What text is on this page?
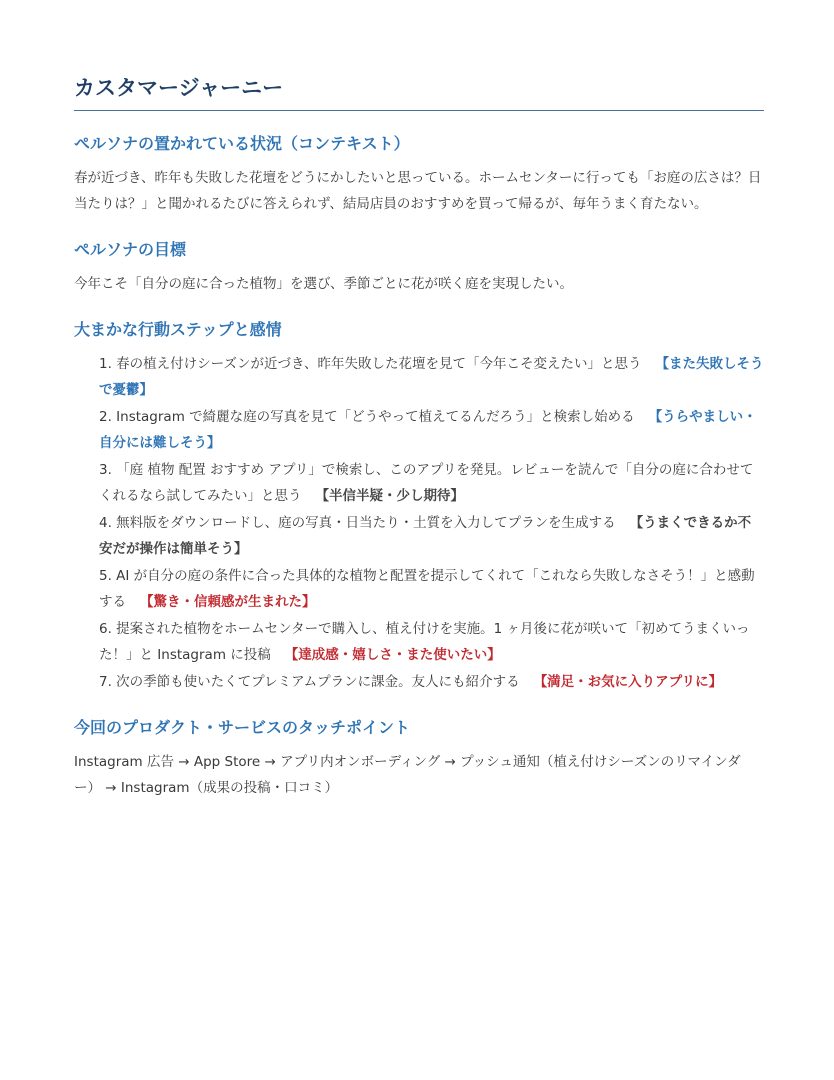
カスタマージャーニー
ペルソナの置かれている状況（コンテキスト）

春が近づき、昨年も失敗した花壇をどうにかしたいと思っている。ホームセンターに行っても「お庭の広さは？日当たりは？」と聞かれるたびに答えられず、結局店員のおすすめを買って帰るが、毎年うまく育たない。

ペルソナの目標

今年こそ「自分の庭に合った植物」を選び、季節ごとに花が咲く庭を実現したい。

大まかな行動ステップと感情
1. 春の植え付けシーズンが近づき、昨年失敗した花壇を見て「今年こそ変えたい」と思う 【また失敗しそうで憂鬱】
2. Instagram で綺麗な庭の写真を見て「どうやって植えてるんだろう」と検索し始める 【うらやましい・自分には難しそう】
3. 「庭 植物 配置 おすすめ アプリ」で検索し、このアプリを発見。レビューを読んで「自分の庭に合わせてくれるなら試してみたい」と思う 【半信半疑・少し期待】
4. 無料版をダウンロードし、庭の写真・日当たり・土質を入力してプランを生成する 【うまくできるか不安だが操作は簡単そう】
5. AI が自分の庭の条件に合った具体的な植物と配置を提示してくれて「これなら失敗しなさそう！」と感動する 【驚き・信頼感が生まれた】
6. 提案された植物をホームセンターで購入し、植え付けを実施。1 ヶ月後に花が咲いて「初めてうまくいった！」と Instagram に投稿 【達成感・嬉しさ・また使いたい】
7. 次の季節も使いたくてプレミアムプランに課金。友人にも紹介する 【満足・お気に入りアプリに】
今回のプロダクト・サービスのタッチポイント

Instagram 広告 → App Store → アプリ内オンボーディング → プッシュ通知（植え付けシーズンのリマインダー） → Instagram（成果の投稿・口コミ）
